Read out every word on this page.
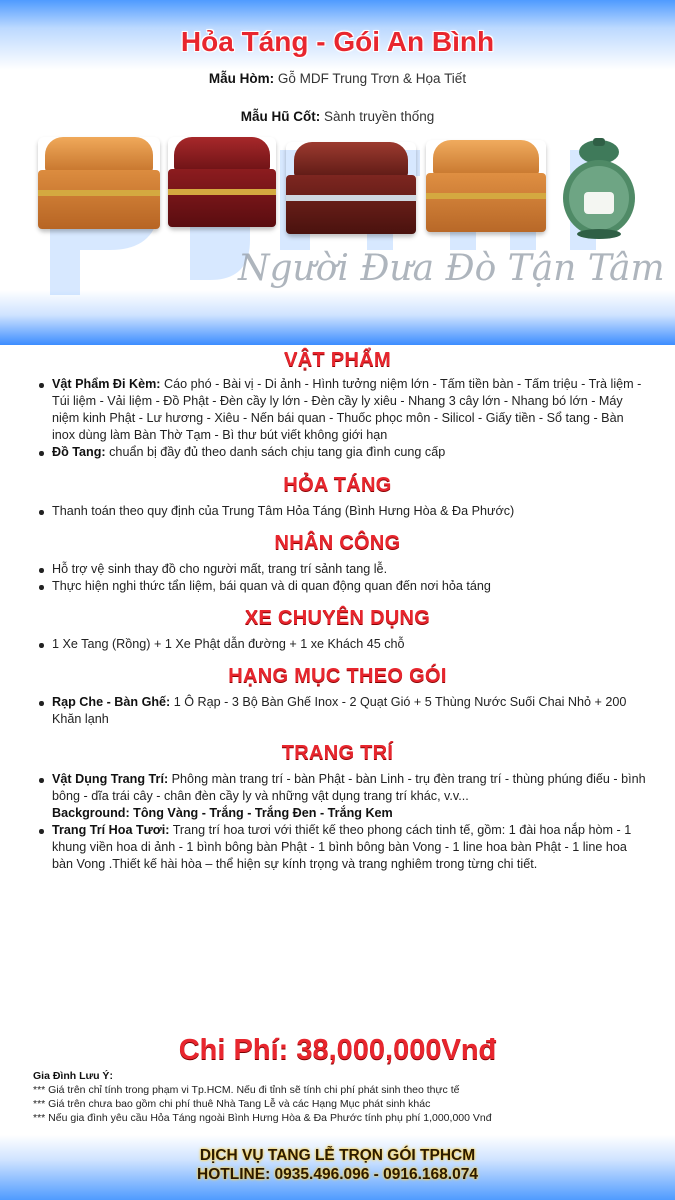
Hỏa Táng - Gói An Bình
Mẫu Hòm: Gỗ MDF Trung Trơn & Họa Tiết
Mẫu Hũ Cốt: Sành truyền thống
Người Đưa Đò Tận Tâm
VẬT PHẨM
Vật Phẩm Đi Kèm: Cáo phó - Bài vị - Di ảnh - Hình tưởng niệm lớn - Tấm tiền bàn - Tấm triệu - Trà liệm - Túi liệm - Vải liệm - Đồ Phật - Đèn cầy ly lớn - Đèn cầy ly xiêu - Nhang 3 cây lớn - Nhang bó lớn - Máy niệm kinh Phật - Lư hương - Xiêu - Nến bái quan - Thuốc phọc môn - Silicol - Giấy tiền - Sổ tang - Bàn inox dùng làm Bàn Thờ Tạm - Bì thư bút viết không giới hạn
Đồ Tang: chuẩn bị đầy đủ theo danh sách chịu tang gia đình cung cấp
HỎA TÁNG
Thanh toán theo quy định của Trung Tâm Hỏa Táng (Bình Hưng Hòa & Đa Phước)
NHÂN CÔNG
Hỗ trợ vệ sinh thay đồ cho người mất, trang trí sảnh tang lễ.
Thực hiện nghi thức tẩn liệm, bái quan và di quan động quan đến nơi hỏa táng
XE CHUYÊN DỤNG
1 Xe Tang (Rồng) + 1 Xe Phật dẫn đường + 1 xe Khách 45 chỗ
HẠNG MỤC THEO GÓI
Rạp Che - Bàn Ghế: 1 Ô Rạp - 3 Bộ Bàn Ghế Inox - 2 Quạt Gió + 5 Thùng Nước Suối Chai Nhỏ + 200 Khăn lạnh
TRANG TRÍ
Vật Dụng Trang Trí: Phông màn trang trí - bàn Phật - bàn Linh - trụ đèn trang trí - thùng phúng điếu - bình bông - dĩa trái cây - chân đèn cầy ly và những vật dụng trang trí khác, v.v...
Background: Tông Vàng - Trắng - Trắng Đen - Trắng Kem
Trang Trí Hoa Tươi: Trang trí hoa tươi với thiết kế theo phong cách tinh tế, gồm: 1 đài hoa nắp hòm - 1 khung viền hoa di ảnh - 1 bình bông bàn Phật - 1 bình bông bàn Vong - 1 line hoa bàn Phật - 1 line hoa bàn Vong .Thiết kế hài hòa – thể hiện sự kính trọng và trang nghiêm trong từng chi tiết.
Chi Phí: 38,000,000Vnđ
Gia Đình Lưu Ý:
*** Giá trên chỉ tính trong phạm vi Tp.HCM. Nếu đi tỉnh sẽ tính chi phí phát sinh theo thực tế
*** Giá trên chưa bao gồm chi phí thuê Nhà Tang Lễ và các Hạng Mục phát sinh khác
*** Nếu gia đình yêu cầu Hỏa Táng ngoài Bình Hưng Hòa & Đa Phước tính phụ phí 1,000,000 Vnđ
DỊCH VỤ TANG LỄ TRỌN GÓI TPHCM
HOTLINE: 0935.496.096 - 0916.168.074
